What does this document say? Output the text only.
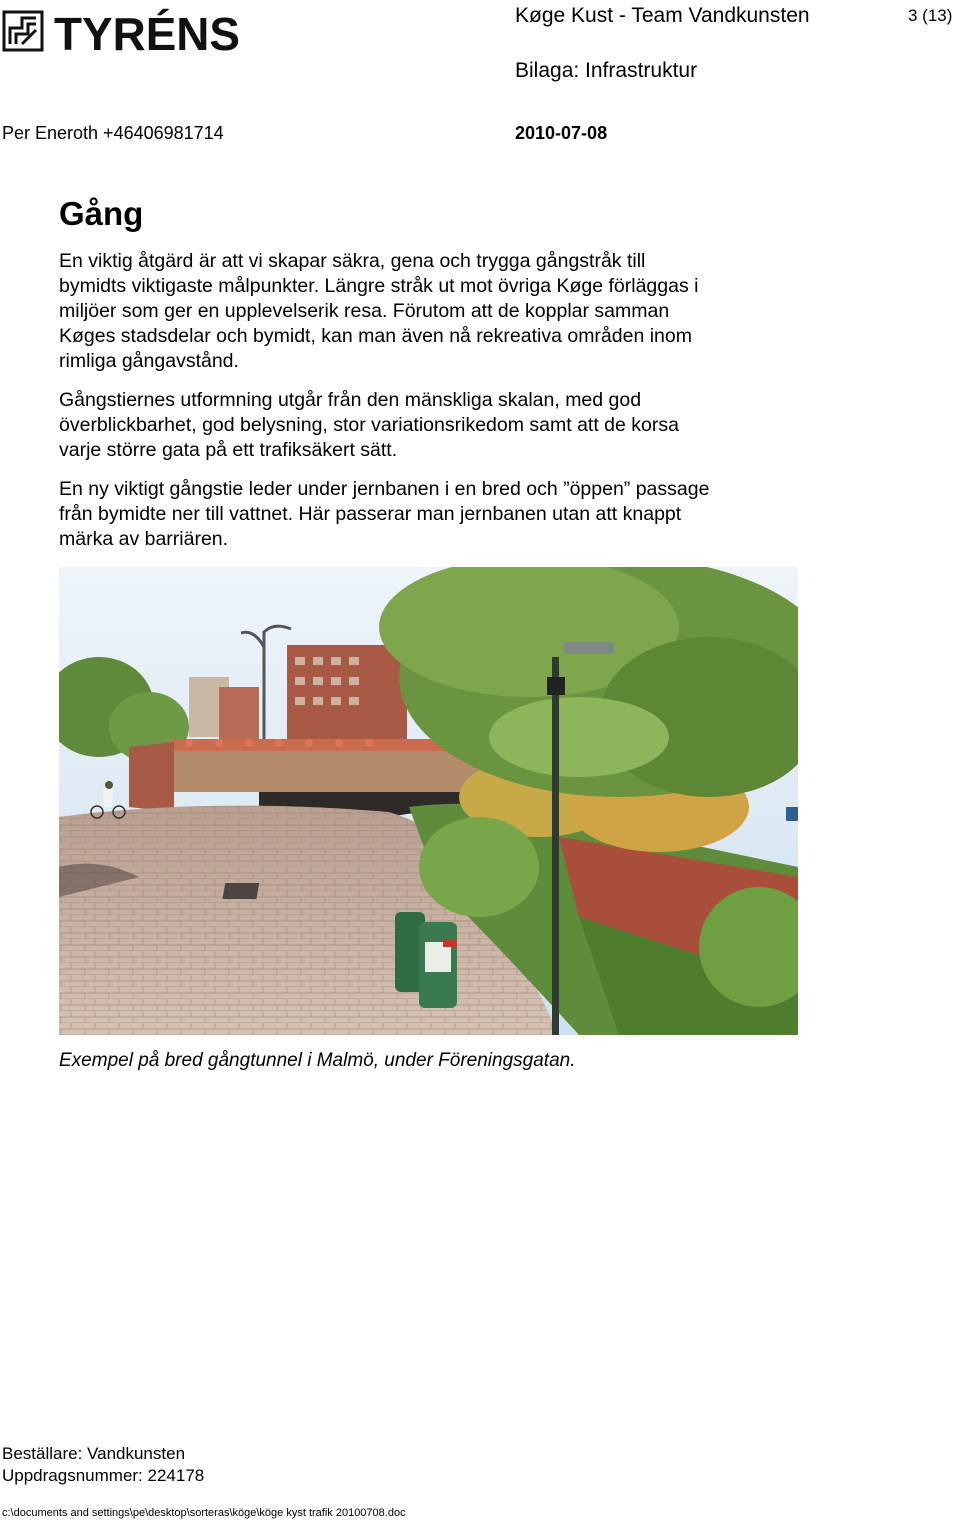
TYRÉNS	Køge Kust - Team Vandkunsten	3 (13)
Bilaga: Infrastruktur
Per Eneroth +46406981714	2010-07-08
Gång
En viktig åtgärd är att vi skapar säkra, gena och trygga gångstråk till
bymidts viktigaste målpunkter. Längre stråk ut mot övriga Køge förläggas i
miljöer som ger en upplevelserik resa. Förutom att de kopplar samman
Køges stadsdelar och bymidt, kan man även nå rekreativa områden inom
rimliga gångavstånd.
Gångstiernes utformning utgår från den mänskliga skalan, med god
överblickbarhet, god belysning, stor variationsrikedom samt att de korsa
varje större gata på ett trafiksäkert sätt.
En ny viktigt gångstie leder under jernbanen i en bred och ”öppen” passage
från bymidte ner till vattnet. Här passerar man jernbanen utan att knappt
märka av barriären.
Exempel på bred gångtunnel i Malmö, under Föreningsgatan.
Beställare: Vandkunsten
Uppdragsnummer: 224178
c:\documents and settings\pe\desktop\sorteras\köge\köge kyst trafik 20100708.doc
